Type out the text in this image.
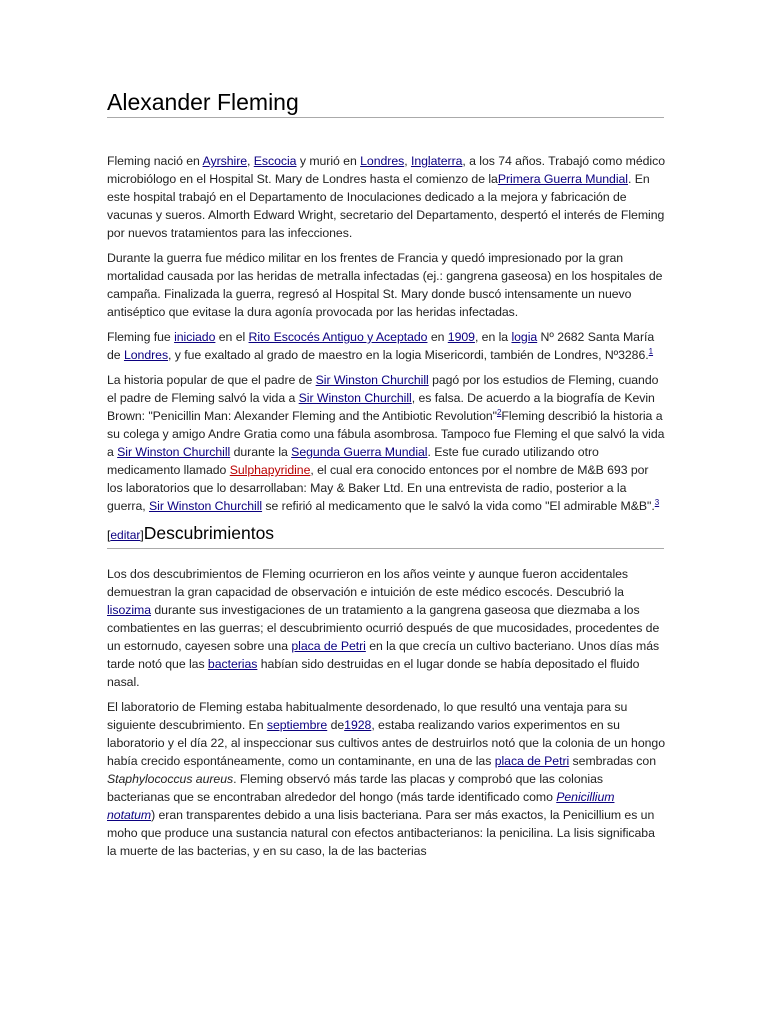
Alexander Fleming

Fleming nació en Ayrshire, Escocia y murió en Londres, Inglaterra, a los 74 años. Trabajó como médico microbiólogo en el Hospital St. Mary de Londres hasta el comienzo de laPrimera Guerra Mundial. En este hospital trabajó en el Departamento de Inoculaciones dedicado a la mejora y fabricación de vacunas y sueros. Almorth Edward Wright, secretario del Departamento, despertó el interés de Fleming por nuevos tratamientos para las infecciones.

Durante la guerra fue médico militar en los frentes de Francia y quedó impresionado por la gran mortalidad causada por las heridas de metralla infectadas (ej.: gangrena gaseosa) en los hospitales de campaña. Finalizada la guerra, regresó al Hospital St. Mary donde buscó intensamente un nuevo antiséptico que evitase la dura agonía provocada por las heridas infectadas.

Fleming fue iniciado en el Rito Escocés Antiguo y Aceptado en 1909, en la logia Nº 2682 Santa María de Londres, y fue exaltado al grado de maestro en la logia Misericordi, también de Londres, Nº3286.$^1$

La historia popular de que el padre de Sir Winston Churchill pagó por los estudios de Fleming, cuando el padre de Fleming salvó la vida a Sir Winston Churchill, es falsa. De acuerdo a la biografía de Kevin Brown: "Penicillin Man: Alexander Fleming and the Antibiotic Revolution"$^2$Fleming describió la historia a su colega y amigo Andre Gratia como una fábula asombrosa. Tampoco fue Fleming el que salvó la vida a Sir Winston Churchill durante la Segunda Guerra Mundial. Este fue curado utilizando otro medicamento llamado Sulphapyridine, el cual era conocido entonces por el nombre de M&B 693 por los laboratorios que lo desarrollaban: May & Baker Ltd. En una entrevista de radio, posterior a la guerra, Sir Winston Churchill se refirió al medicamento que le salvó la vida como "El admirable M&B".$^3$

[editar]Descubrimientos

Los dos descubrimientos de Fleming ocurrieron en los años veinte y aunque fueron accidentales demuestran la gran capacidad de observación e intuición de este médico escocés. Descubrió la lisozima durante sus investigaciones de un tratamiento a la gangrena gaseosa que diezmaba a los combatientes en las guerras; el descubrimiento ocurrió después de que mucosidades, procedentes de un estornudo, cayesen sobre una placa de Petri en la que crecía un cultivo bacteriano. Unos días más tarde notó que las bacterias habían sido destruidas en el lugar donde se había depositado el fluido nasal.

El laboratorio de Fleming estaba habitualmente desordenado, lo que resultó una ventaja para su siguiente descubrimiento. En septiembre de1928, estaba realizando varios experimentos en su laboratorio y el día 22, al inspeccionar sus cultivos antes de destruirlos notó que la colonia de un hongo había crecido espontáneamente, como un contaminante, en una de las placa de Petri sembradas con Staphylococcus aureus. Fleming observó más tarde las placas y comprobó que las colonias bacterianas que se encontraban alrededor del hongo (más tarde identificado como Penicillium notatum) eran transparentes debido a una lisis bacteriana. Para ser más exactos, la Penicillium es un moho que produce una sustancia natural con efectos antibacterianos: la penicilina. La lisis significaba la muerte de las bacterias, y en su caso, la de las bacterias
